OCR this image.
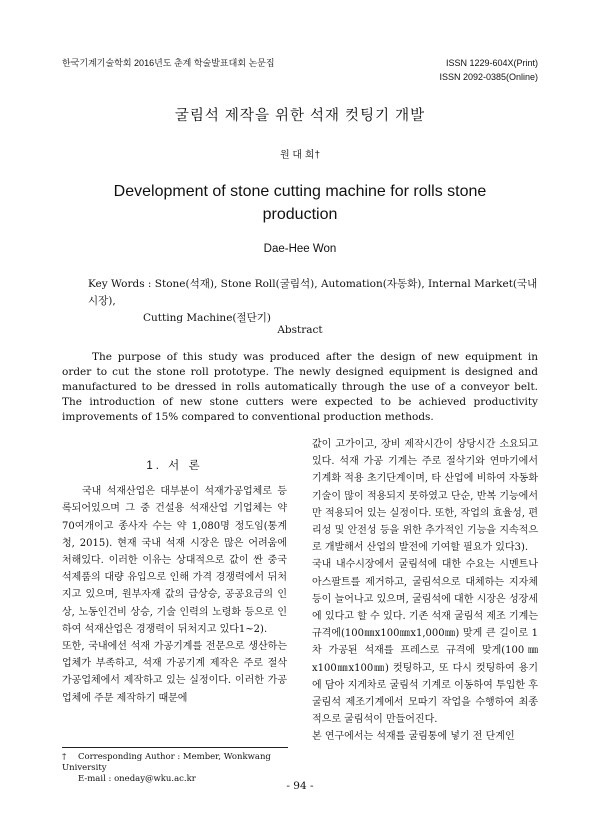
한국기계기술학회 2016년도 춘계 학술발표대회 논문집	ISSN 1229-604X(Print)
ISSN 2092-0385(Online)
굴림석 제작을 위한 석재 컷팅기 개발
원 대 희†
Development of stone cutting machine for rolls stone
production
Dae-Hee Won
Key Words : Stone(석재), Stone Roll(굴림석), Automation(자동화), Internal Market(국내시장),
Cutting Machine(절단기)
Abstract

The purpose of this study was produced after the design of new equipment in order to cut the stone roll prototype. The newly designed equipment is designed and manufactured to be dressed in rolls automatically through the use of a conveyor belt. The introduction of new stone cutters were expected to be achieved productivity improvements of 15% compared to conventional production methods.

1. 서 론

국내 석재산업은 대부분이 석재가공업체로 등록되어있으며 그 중 건설용 석재산업 기업체는 약 70여개이고 종사자 수는 약 1,080명 정도임(통계청, 2015). 현재 국내 석재 시장은 많은 어려움에 처해있다. 이러한 이유는 상대적으로 값이 싼 중국 석제품의 대량 유입으로 인해 가격 경쟁력에서 뒤처지고 있으며, 원부자재 값의 급상승, 공공요금의 인상, 노동인건비 상승, 기술 인력의 노령화 등으로 인하여 석재산업은 경쟁력이 뒤처지고 있다1~2).

또한, 국내에선 석재 가공기계를 전문으로 생산하는 업체가 부족하고, 석재 가공기계 제작은 주로 절삭 가공업체에서 제작하고 있는 실정이다. 이러한 가공업체에 주문 제작하기 때문에

값이 고가이고, 장비 제작시간이 상당시간 소요되고 있다. 석재 가공 기계는 주로 절삭기와 연마기에서 기계화 적용 초기단계이며, 타 산업에 비하여 자동화 기술이 많이 적용되지 못하였고 단순, 반복 기능에서만 적용되어 있는 실정이다. 또한, 작업의 효율성, 편리성 및 안전성 등을 위한 추가적인 기능을 지속적으로 개발해서 산업의 발전에 기여할 필요가 있다3).

국내 내수시장에서 굴림석에 대한 수요는 시멘트나 아스팔트를 제거하고, 굴림석으로 대체하는 지자체 등이 늘어나고 있으며, 굴림석에 대한 시장은 성장세에 있다고 할 수 있다. 기존 석재 굴림석 제조 기계는 규격에(100㎜x100㎜x1,000㎜) 맞게 큰 길이로 1차 가공된 석재를 프레스로 규격에 맞게(100㎜x100㎜x100㎜) 컷팅하고, 또 다시 컷팅하여 용기에 담아 지게차로 굴림석 기계로 이동하여 투입한 후 굴림석 제조기계에서 모따기 작업을 수행하여 최종적으로 굴림석이 만들어진다.

본 연구에서는 석재를 굴림통에 넣기 전 단계인

† Corresponding Author : Member, Wonkwang University
E-mail : oneday@wku.ac.kr
- 94 -
